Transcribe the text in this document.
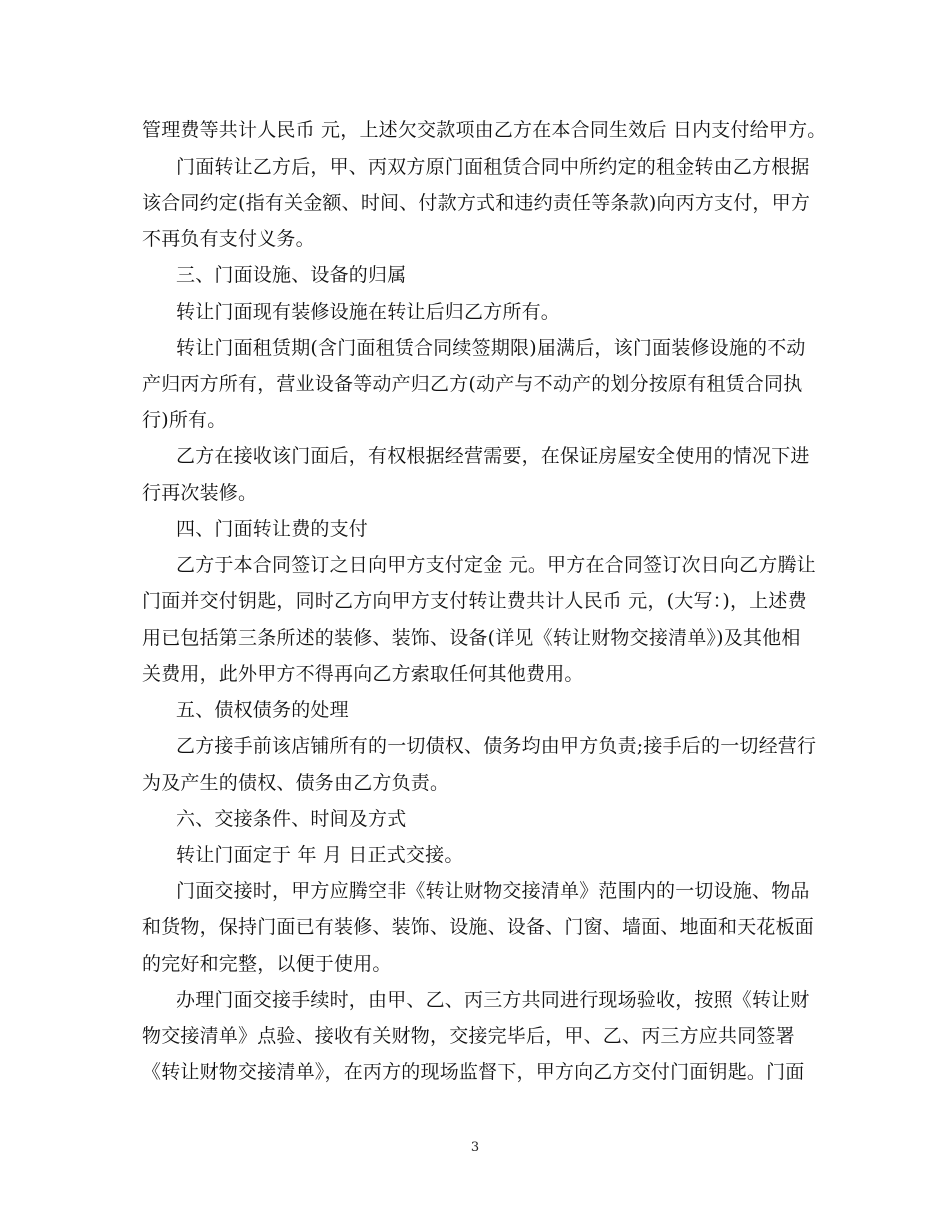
管理费等共计人民币 元，上述欠交款项由乙方在本合同生效后 日内支付给甲方。
门面转让乙方后，甲、丙双方原门面租赁合同中所约定的租金转由乙方根据
该合同约定(指有关金额、时间、付款方式和违约责任等条款)向丙方支付，甲方
不再负有支付义务。
三、门面设施、设备的归属
转让门面现有装修设施在转让后归乙方所有。
转让门面租赁期(含门面租赁合同续签期限)届满后，该门面装修设施的不动
产归丙方所有，营业设备等动产归乙方(动产与不动产的划分按原有租赁合同执
行)所有。
乙方在接收该门面后，有权根据经营需要，在保证房屋安全使用的情况下进
行再次装修。
四、门面转让费的支付
乙方于本合同签订之日向甲方支付定金 元。甲方在合同签订次日向乙方腾让
门面并交付钥匙，同时乙方向甲方支付转让费共计人民币 元，(大写：)，上述费
用已包括第三条所述的装修、装饰、设备(详见《转让财物交接清单》)及其他相
关费用，此外甲方不得再向乙方索取任何其他费用。
五、债权债务的处理
乙方接手前该店铺所有的一切债权、债务均由甲方负责;接手后的一切经营行
为及产生的债权、债务由乙方负责。
六、交接条件、时间及方式
转让门面定于 年 月 日正式交接。
门面交接时，甲方应腾空非《转让财物交接清单》范围内的一切设施、物品
和货物，保持门面已有装修、装饰、设施、设备、门窗、墙面、地面和天花板面
的完好和完整，以便于使用。
办理门面交接手续时，由甲、乙、丙三方共同进行现场验收，按照《转让财
物交接清单》点验、接收有关财物，交接完毕后，甲、乙、丙三方应共同签署
《转让财物交接清单》，在丙方的现场监督下，甲方向乙方交付门面钥匙。门面
3
